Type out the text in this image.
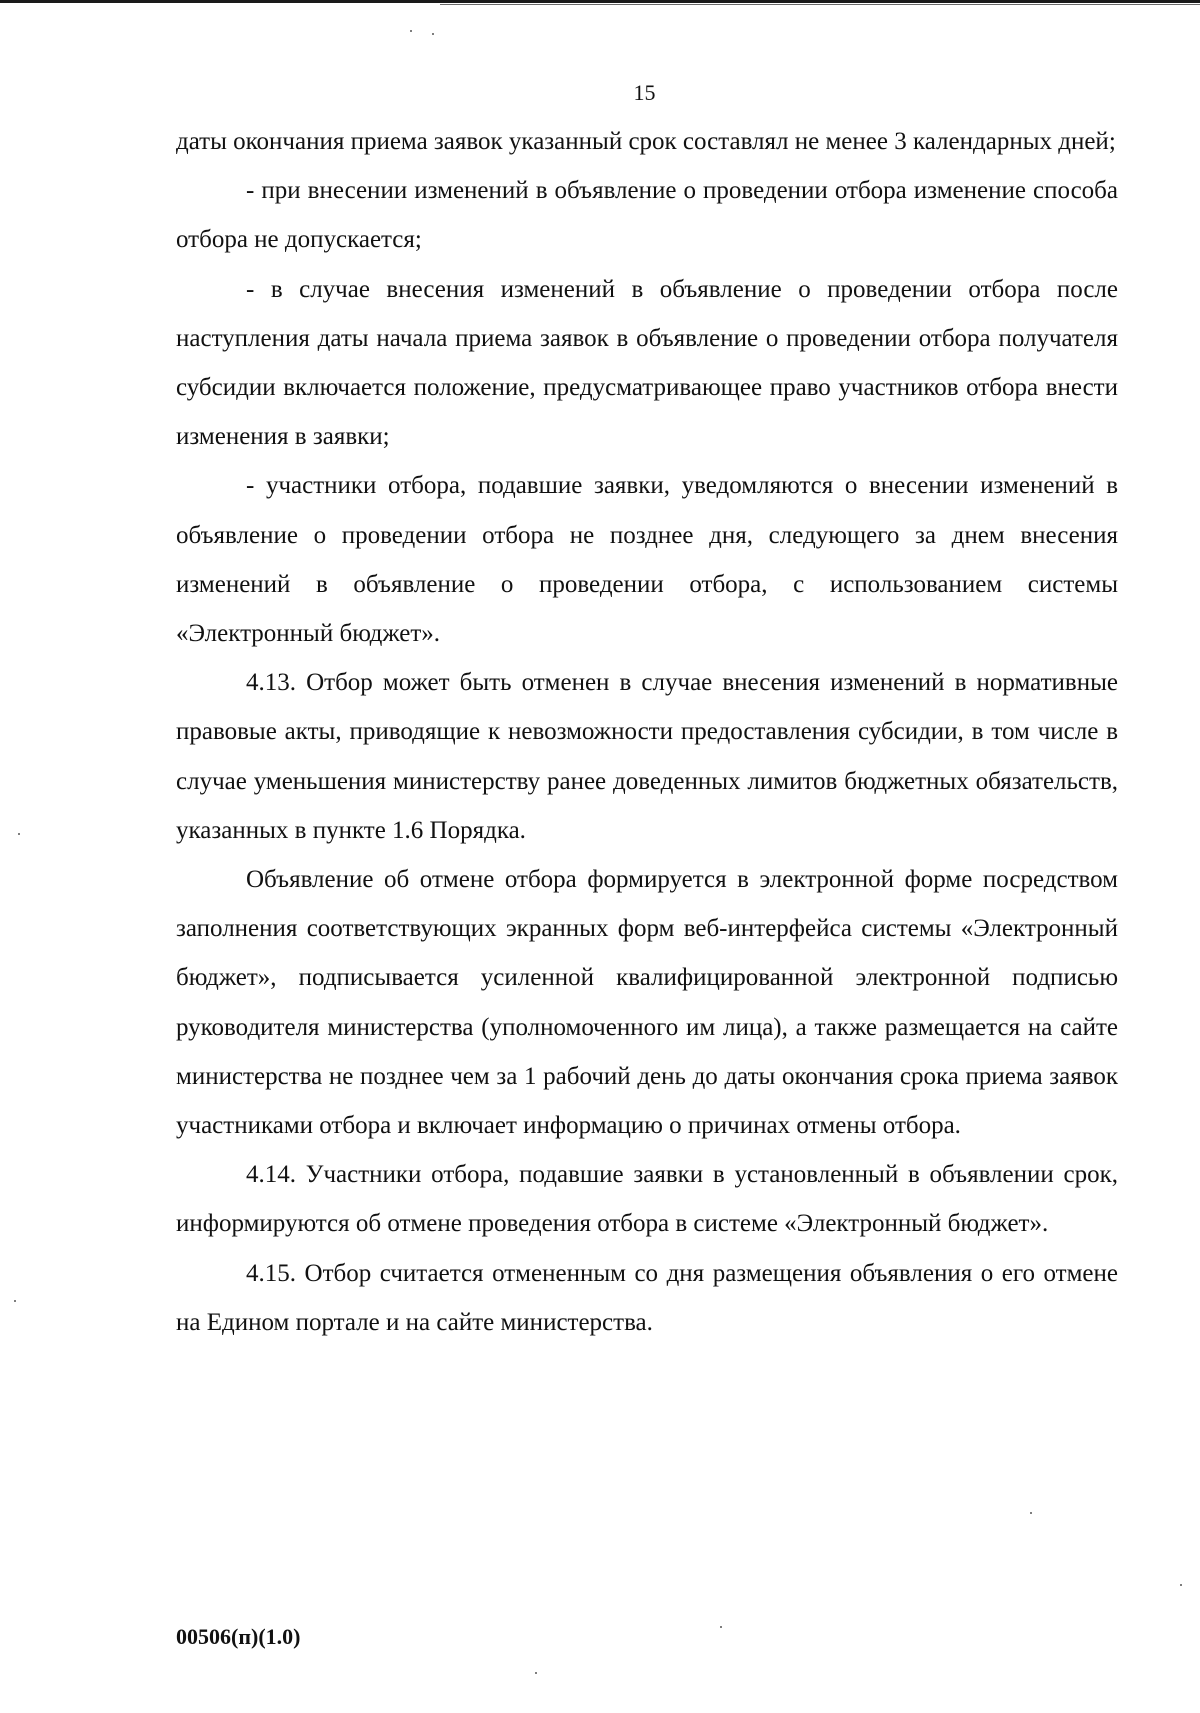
15

даты окончания приема заявок указанный срок составлял не менее 3 календарных дней;

- при внесении изменений в объявление о проведении отбора изменение способа отбора не допускается;

- в случае внесения изменений в объявление о проведении отбора после наступления даты начала приема заявок в объявление о проведении отбора получателя субсидии включается положение, предусматривающее право участников отбора внести изменения в заявки;

- участники отбора, подавшие заявки, уведомляются о внесении изменений в объявление о проведении отбора не позднее дня, следующего за днем внесения изменений в объявление о проведении отбора, с использованием системы «Электронный бюджет».

4.13. Отбор может быть отменен в случае внесения изменений в нормативные правовые акты, приводящие к невозможности предоставления субсидии, в том числе в случае уменьшения министерству ранее доведенных лимитов бюджетных обязательств, указанных в пункте 1.6 Порядка.

Объявление об отмене отбора формируется в электронной форме посредством заполнения соответствующих экранных форм веб-интерфейса системы «Электронный бюджет», подписывается усиленной квалифицированной электронной подписью руководителя министерства (уполномоченного им лица), а также размещается на сайте министерства не позднее чем за 1 рабочий день до даты окончания срока приема заявок участниками отбора и включает информацию о причинах отмены отбора.

4.14. Участники отбора, подавшие заявки в установленный в объявлении срок, информируются об отмене проведения отбора в системе «Электронный бюджет».

4.15. Отбор считается отмененным со дня размещения объявления о его отмене на Едином портале и на сайте министерства.

00506(п)(1.0)
